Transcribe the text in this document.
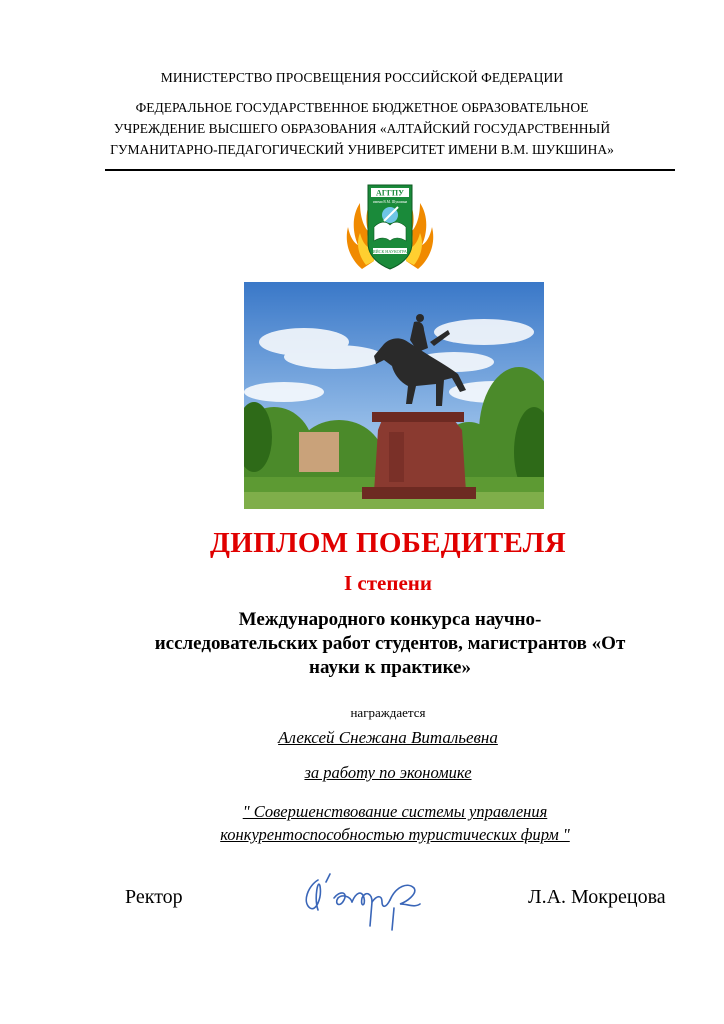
МИНИСТЕРСТВО ПРОСВЕЩЕНИЯ РОССИЙСКОЙ ФЕДЕРАЦИИ
ФЕДЕРАЛЬНОЕ ГОСУДАРСТВЕННОЕ БЮДЖЕТНОЕ ОБРАЗОВАТЕЛЬНОЕ
УЧРЕЖДЕНИЕ ВЫСШЕГО ОБРАЗОВАНИЯ «АЛТАЙСКИЙ ГОСУДАРСТВЕННЫЙ
ГУМАНИТАРНО-ПЕДАГОГИЧЕСКИЙ УНИВЕРСИТЕТ ИМЕНИ В.М. ШУКШИНА»
АГГПУ
имени В.М. Шукшина
БИЙСК НАУКОГРАД
ДИПЛОМ ПОБЕДИТЕЛЯ
I степени
Международного конкурса научно-
исследовательских работ студентов, магистрантов «От
науки к практике»
награждается
Алексей Снежана Витальевна
за работу по экономике
" Совершенствование системы управления
конкурентоспособностью туристических фирм "
Ректор	Л.А. Мокрецова
